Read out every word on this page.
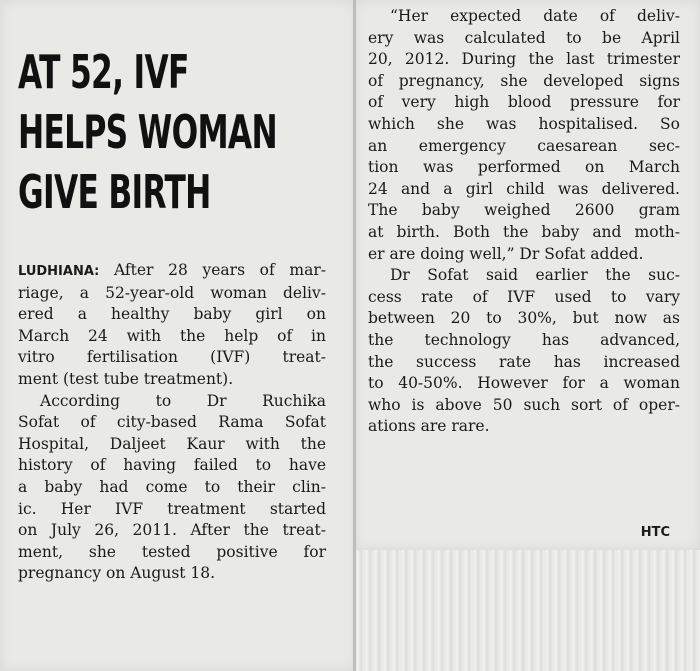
AT 52, IVF
HELPS WOMAN
GIVE BIRTH
LUDHIANA: After 28 years of mar-
riage, a 52-year-old woman deliv-
ered a healthy baby girl on
March 24 with the help of in
vitro fertilisation (IVF) treat-
ment (test tube treatment).
According to Dr Ruchika
Sofat of city-based Rama Sofat
Hospital, Daljeet Kaur with the
history of having failed to have
a baby had come to their clin-
ic. Her IVF treatment started
on July 26, 2011. After the treat-
ment, she tested positive for
pregnancy on August 18.
“Her expected date of deliv-
ery was calculated to be April
20, 2012. During the last trimester
of pregnancy, she developed signs
of very high blood pressure for
which she was hospitalised. So
an emergency caesarean sec-
tion was performed on March
24 and a girl child was delivered.
The baby weighed 2600 gram
at birth. Both the baby and moth-
er are doing well,” Dr Sofat added.
Dr Sofat said earlier the suc-
cess rate of IVF used to vary
between 20 to 30%, but now as
the technology has advanced,
the success rate has increased
to 40-50%. However for a woman
who is above 50 such sort of oper-
ations are rare.
HTC
